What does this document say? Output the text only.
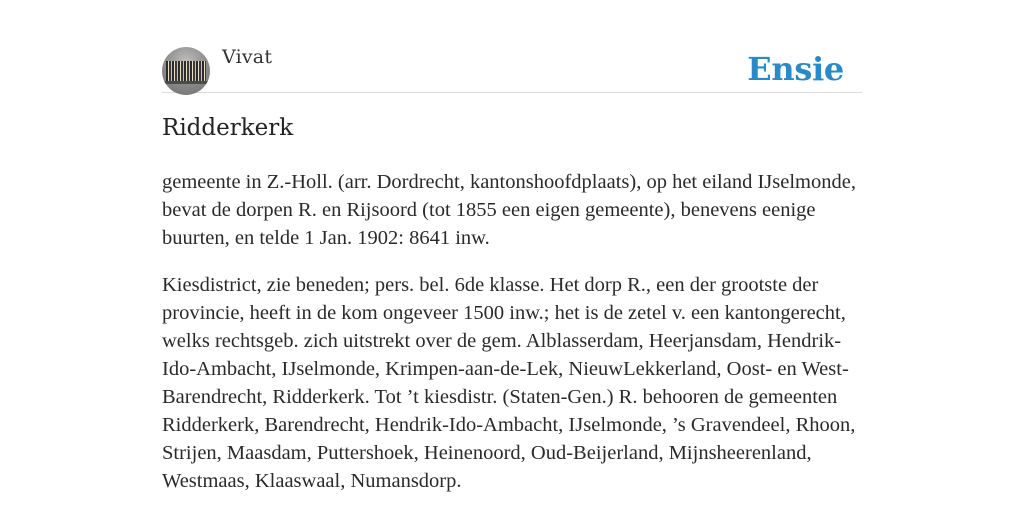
Vivat	Ensie
Ridderkerk

gemeente in Z.-Holl. (arr. Dordrecht, kantonshoofdplaats), op het eiland IJselmonde, bevat de dorpen R. en Rijsoord (tot 1855 een eigen gemeente), benevens eenige buurten, en telde 1 Jan. 1902: 8641 inw.

Kiesdistrict, zie beneden; pers. bel. 6de klasse. Het dorp R., een der grootste der provincie, heeft in de kom ongeveer 1500 inw.; het is de zetel v. een kantongerecht, welks rechtsgeb. zich uitstrekt over de gem. Alblasserdam, Heerjansdam, Hendrik-Ido-Ambacht, IJselmonde, Krimpen-aan-de-Lek, NieuwLekkerland, Oost- en West-Barendrecht, Ridderkerk. Tot ’t kiesdistr. (Staten-Gen.) R. behooren de gemeenten Ridderkerk, Barendrecht, Hendrik-Ido-Ambacht, IJselmonde, ’s Gravendeel, Rhoon, Strijen, Maasdam, Puttershoek, Heinenoord, Oud-Beijerland, Mijnsheerenland, Westmaas, Klaaswaal, Numansdorp.
